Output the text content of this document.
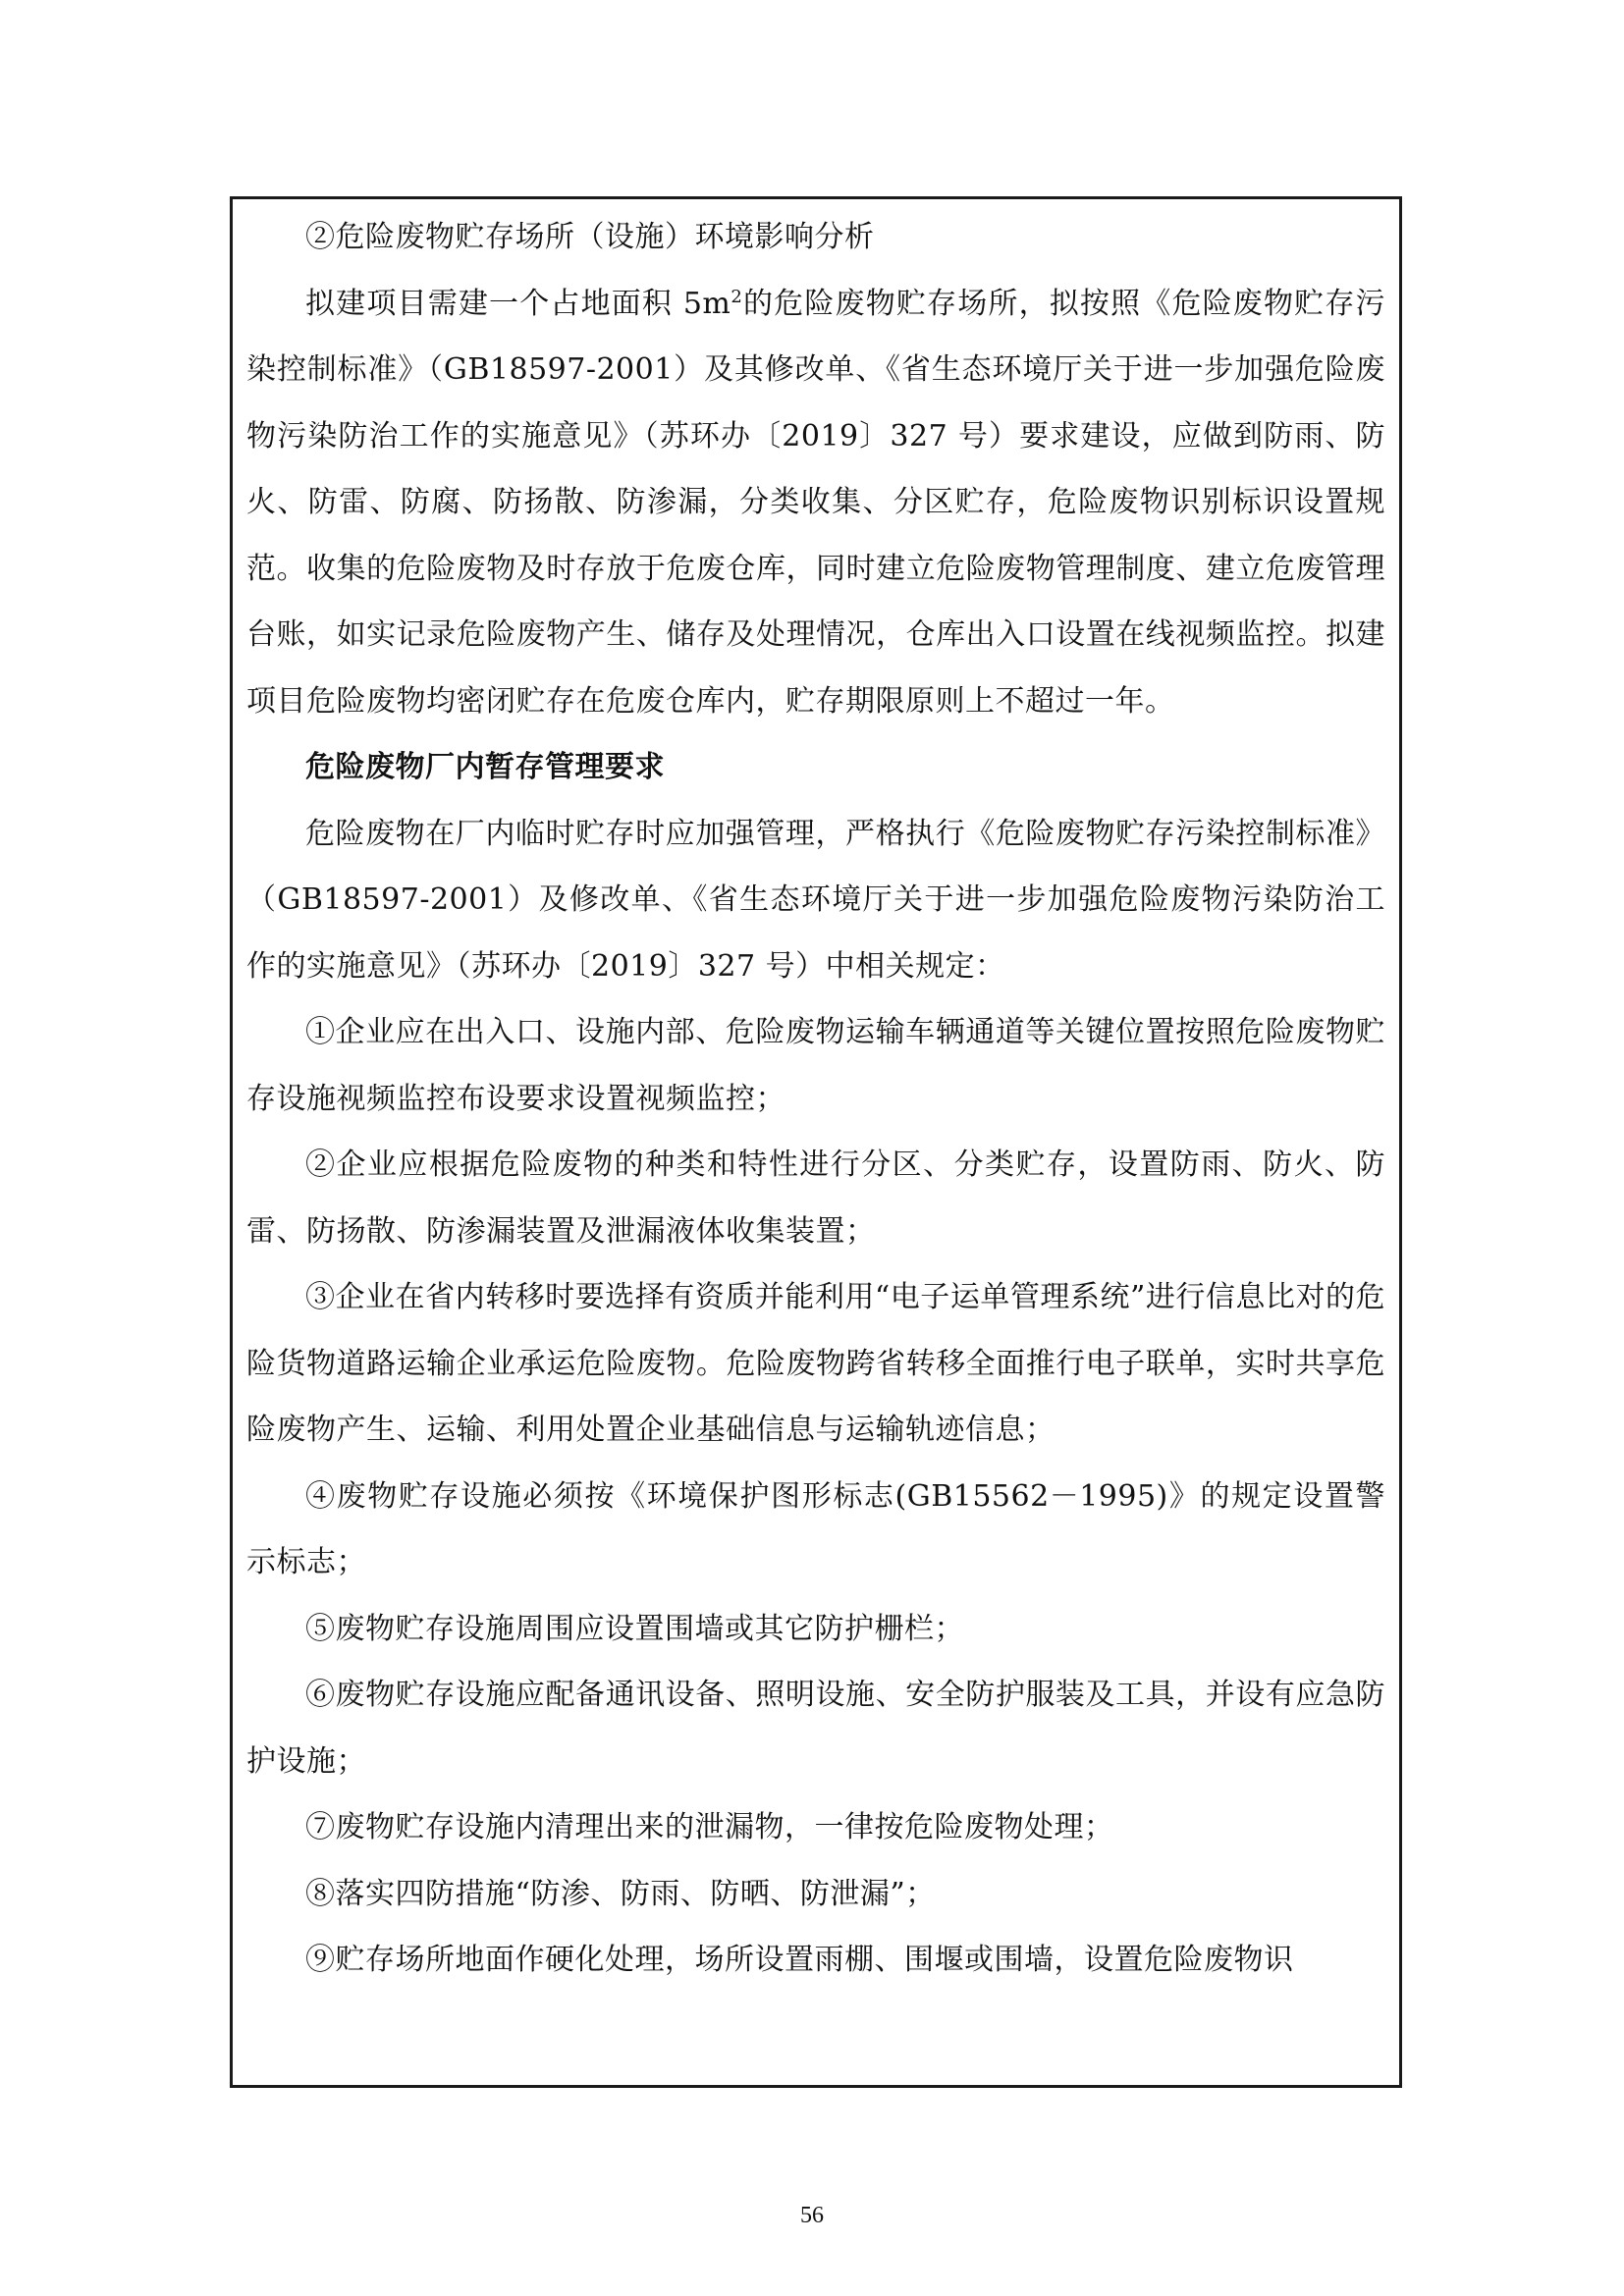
②危险废物贮存场所（设施）环境影响分析

拟建项目需建一个占地面积 $5m^2$的危险废物贮存场所，拟按照《危险废物贮存污染控制标准》（GB18597-2001）及其修改单、《省生态环境厅关于进一步加强危险废物污染防治工作的实施意见》（苏环办〔2019〕327 号）要求建设，应做到防雨、防火、防雷、防腐、防扬散、防渗漏，分类收集、分区贮存，危险废物识别标识设置规范。收集的危险废物及时存放于危废仓库，同时建立危险废物管理制度、建立危废管理台账，如实记录危险废物产生、储存及处理情况，仓库出入口设置在线视频监控。拟建项目危险废物均密闭贮存在危废仓库内，贮存期限原则上不超过一年。

危险废物厂内暂存管理要求

危险废物在厂内临时贮存时应加强管理，严格执行《危险废物贮存污染控制标准》（GB18597-2001）及修改单、《省生态环境厅关于进一步加强危险废物污染防治工作的实施意见》（苏环办〔2019〕327 号）中相关规定：

①企业应在出入口、设施内部、危险废物运输车辆通道等关键位置按照危险废物贮存设施视频监控布设要求设置视频监控；

②企业应根据危险废物的种类和特性进行分区、分类贮存，设置防雨、防火、防雷、防扬散、防渗漏装置及泄漏液体收集装置；

③企业在省内转移时要选择有资质并能利用“电子运单管理系统”进行信息比对的危险货物道路运输企业承运危险废物。危险废物跨省转移全面推行电子联单，实时共享危险废物产生、运输、利用处置企业基础信息与运输轨迹信息；

④废物贮存设施必须按《环境保护图形标志(GB15562－1995)》的规定设置警示标志；

⑤废物贮存设施周围应设置围墙或其它防护栅栏；

⑥废物贮存设施应配备通讯设备、照明设施、安全防护服装及工具，并设有应急防护设施；

⑦废物贮存设施内清理出来的泄漏物，一律按危险废物处理；

⑧落实四防措施“防渗、防雨、防晒、防泄漏”；

⑨贮存场所地面作硬化处理，场所设置雨棚、围堰或围墙，设置危险废物识

56
